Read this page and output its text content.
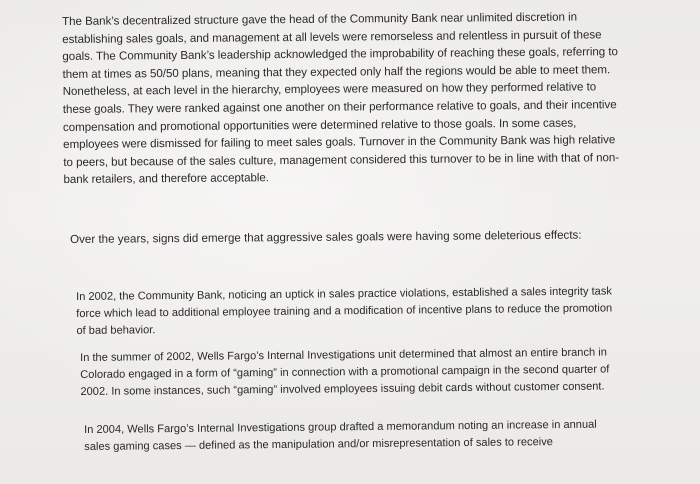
The Bank’s decentralized structure gave the head of the Community Bank near unlimited discretion in establishing sales goals, and management at all levels were remorseless and relentless in pursuit of these goals. The Community Bank’s leadership acknowledged the improbability of reaching these goals, referring to them at times as 50/50 plans, meaning that they expected only half the regions would be able to meet them. Nonetheless, at each level in the hierarchy, employees were measured on how they performed relative to these goals. They were ranked against one another on their performance relative to goals, and their incentive compensation and promotional opportunities were determined relative to those goals. In some cases, employees were dismissed for failing to meet sales goals. Turnover in the Community Bank was high relative to peers, but because of the sales culture, management considered this turnover to be in line with that of non-bank retailers, and therefore acceptable.

Over the years, signs did emerge that aggressive sales goals were having some deleterious effects:

In 2002, the Community Bank, noticing an uptick in sales practice violations, established a sales integrity task force which lead to additional employee training and a modification of incentive plans to reduce the promotion of bad behavior.

In the summer of 2002, Wells Fargo’s Internal Investigations unit determined that almost an entire branch in Colorado engaged in a form of “gaming” in connection with a promotional campaign in the second quarter of 2002. In some instances, such “gaming” involved employees issuing debit cards without customer consent.

In 2004, Wells Fargo’s Internal Investigations group drafted a memorandum noting an increase in annual sales gaming cases — defined as the manipulation and/or misrepresentation of sales to receive
